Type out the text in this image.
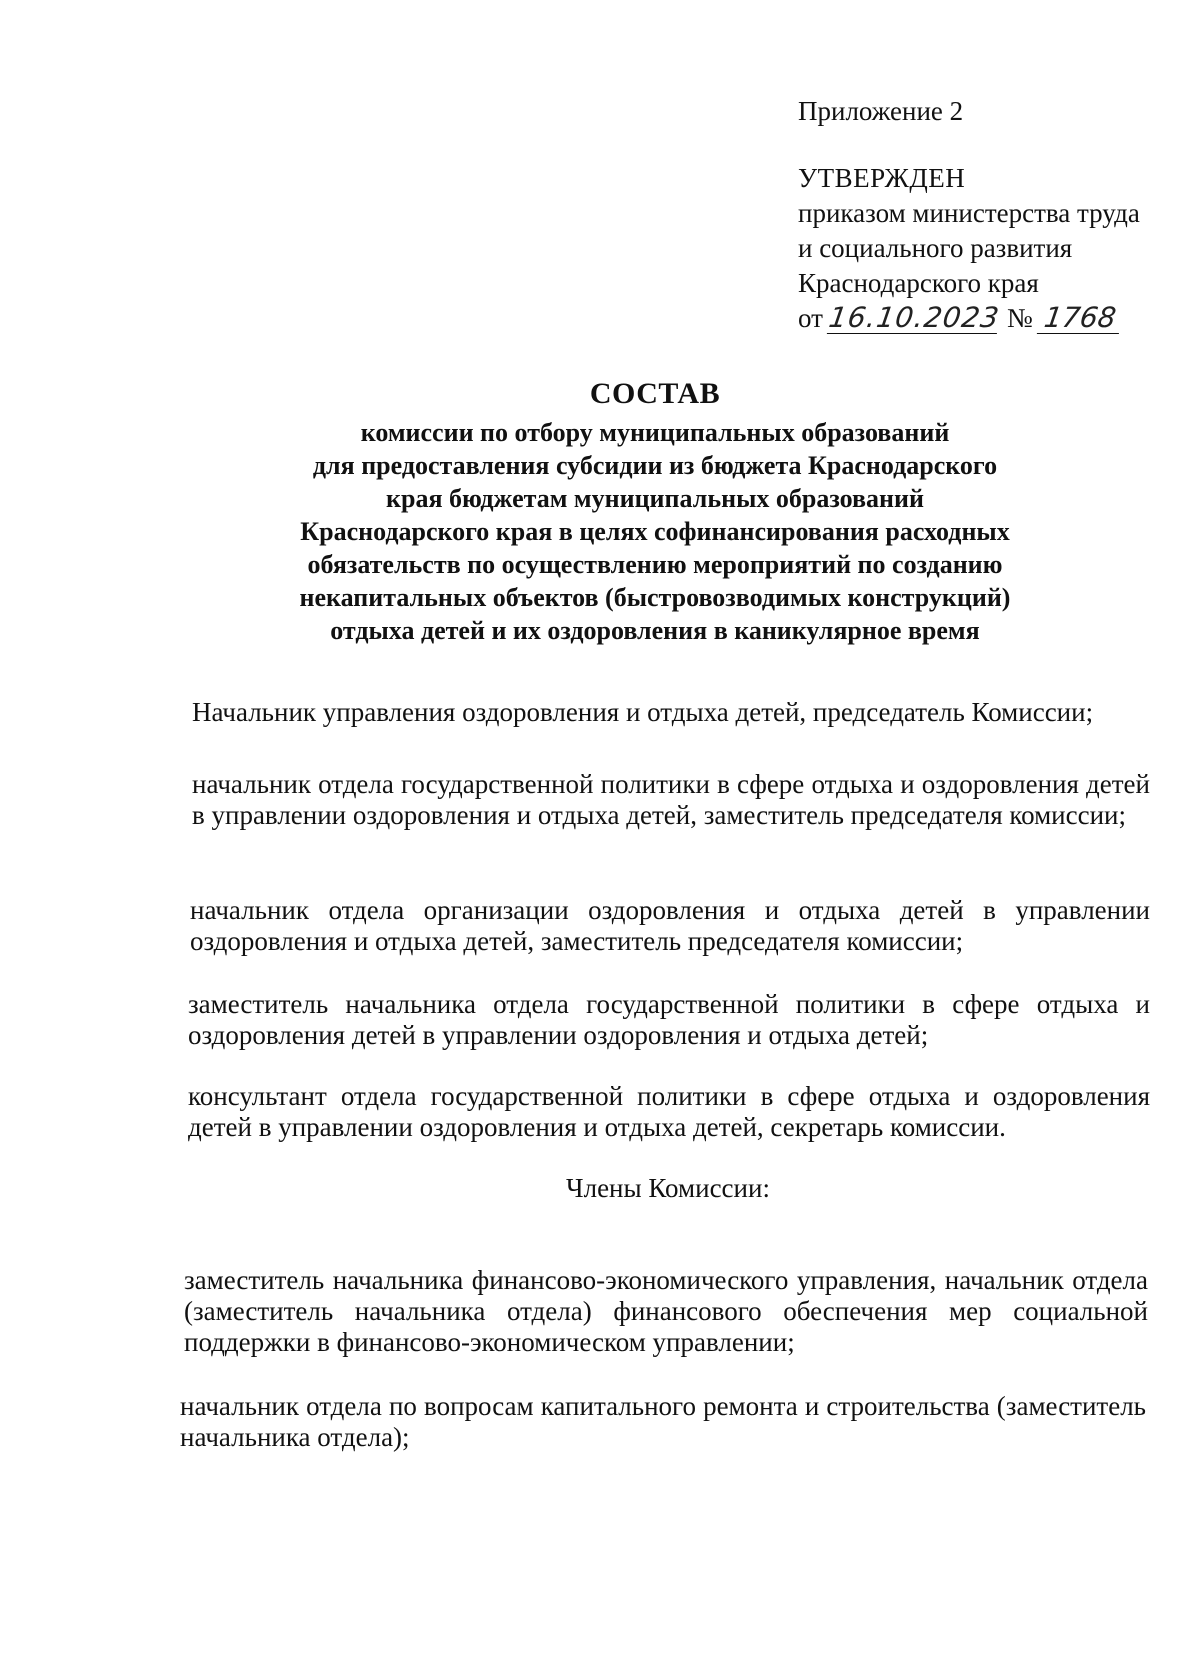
Приложение 2
УТВЕРЖДЕН
приказом министерства труда
и социального развития
Краснодарского края
от 16.10.2023 № 1768
СОСТАВ
комиссии по отбору муниципальных образований
для предоставления субсидии из бюджета Краснодарского
края бюджетам муниципальных образований
Краснодарского края в целях софинансирования расходных
обязательств по осуществлению мероприятий по созданию
некапитальных объектов (быстровозводимых конструкций)
отдыха детей и их оздоровления в каникулярное время

Начальник управления оздоровления и отдыха детей, председатель Комиссии;

начальник отдела государственной политики в сфере отдыха и оздоровления детей в управлении оздоровления и отдыха детей, заместитель председателя комиссии;

начальник отдела организации оздоровления и отдыха детей в управлении оздоровления и отдыха детей, заместитель председателя комиссии;

заместитель начальника отдела государственной политики в сфере отдыха и оздоровления детей в управлении оздоровления и отдыха детей;

консультант отдела государственной политики в сфере отдыха и оздоровления детей в управлении оздоровления и отдыха детей, секретарь комиссии.

Члены Комиссии:

заместитель начальника финансово-экономического управления, начальник отдела (заместитель начальника отдела) финансового обеспечения мер социальной поддержки в финансово-экономическом управлении;

начальник отдела по вопросам капитального ремонта и строительства (заместитель начальника отдела);
